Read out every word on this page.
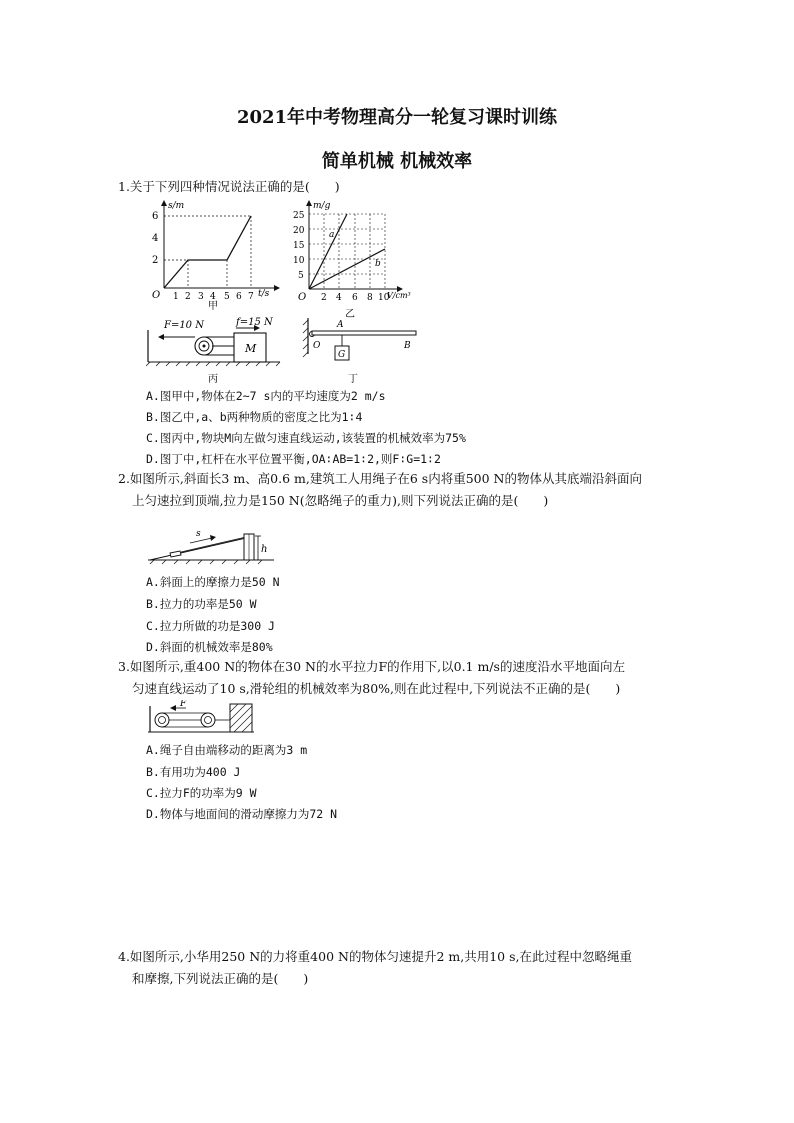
2021年中考物理高分一轮复习课时训练
简单机械 机械效率
1.关于下列四种情况说法正确的是(　　)
s/m
t/s
6
4
2
O 1 2 3 4 5 6 7
甲
m/g
V/cm³
25
20
15
10
5
O 2 4 6 8 10
a
b
乙
F=10 N	f=15 N
M
丙
A
O	B
G
丁
A.图甲中,物体在2~7 s内的平均速度为2 m/s
B.图乙中,a、b两种物质的密度之比为1∶4
C.图丙中,物块M向左做匀速直线运动,该装置的机械效率为75%
D.图丁中,杠杆在水平位置平衡,OA∶AB=1∶2,则F∶G=1∶2
2.如图所示,斜面长3 m、高0.6 m,建筑工人用绳子在6 s内将重500 N的物体从其底端沿斜面向
上匀速拉到顶端,拉力是150 N(忽略绳子的重力),则下列说法正确的是(　　)
s
h
A.斜面上的摩擦力是50 N
B.拉力的功率是50 W
C.拉力所做的功是300 J
D.斜面的机械效率是80%
3.如图所示,重400 N的物体在30 N的水平拉力F的作用下,以0.1 m/s的速度沿水平地面向左
匀速直线运动了10 s,滑轮组的机械效率为80%,则在此过程中,下列说法不正确的是(　　)
F
A.绳子自由端移动的距离为3 m
B.有用功为400 J
C.拉力F的功率为9 W
D.物体与地面间的滑动摩擦力为72 N
4.如图所示,小华用250 N的力将重400 N的物体匀速提升2 m,共用10 s,在此过程中忽略绳重
和摩擦,下列说法正确的是(　　)
